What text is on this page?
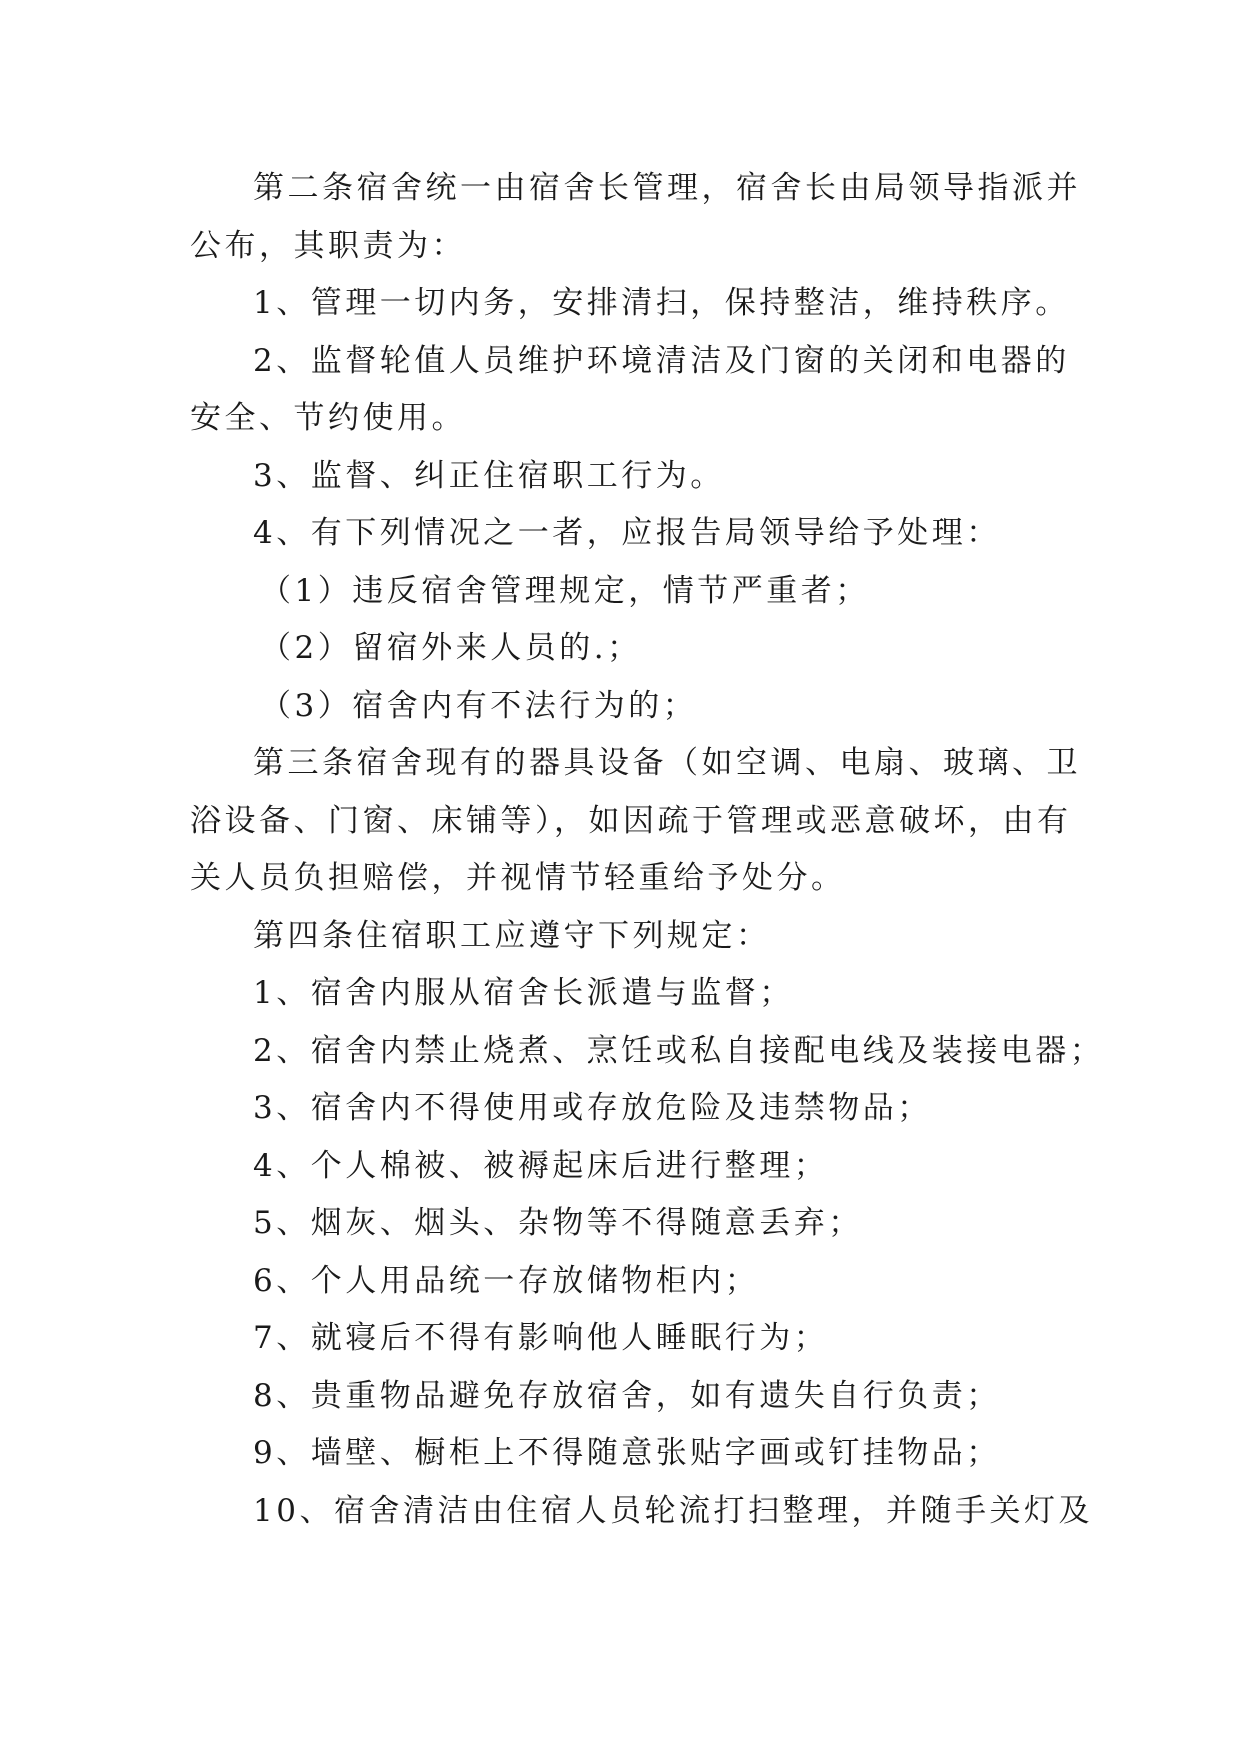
第二条宿舍统一由宿舍长管理，宿舍长由局领导指派并

公布，其职责为：

1、管理一切内务，安排清扫，保持整洁，维持秩序。

2、监督轮值人员维护环境清洁及门窗的关闭和电器的

安全、节约使用。

3、监督、纠正住宿职工行为。

4、有下列情况之一者，应报告局领导给予处理：

（1）违反宿舍管理规定，情节严重者；

（2）留宿外来人员的.；

（3）宿舍内有不法行为的；

第三条宿舍现有的器具设备（如空调、电扇、玻璃、卫

浴设备、门窗、床铺等），如因疏于管理或恶意破坏，由有

关人员负担赔偿，并视情节轻重给予处分。

第四条住宿职工应遵守下列规定：

1、宿舍内服从宿舍长派遣与监督；

2、宿舍内禁止烧煮、烹饪或私自接配电线及装接电器；

3、宿舍内不得使用或存放危险及违禁物品；

4、个人棉被、被褥起床后进行整理；

5、烟灰、烟头、杂物等不得随意丢弃；

6、个人用品统一存放储物柜内；

7、就寝后不得有影响他人睡眠行为；

8、贵重物品避免存放宿舍，如有遗失自行负责；

9、墙壁、橱柜上不得随意张贴字画或钉挂物品；

10、宿舍清洁由住宿人员轮流打扫整理，并随手关灯及
